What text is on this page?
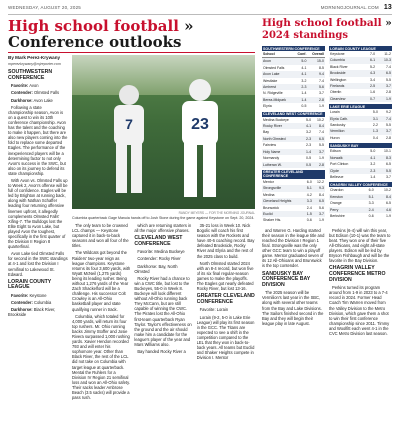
WEDNESDAY, AUGUST 20, 2025	MORNINGJOURNAL.COM 13
High school football » Conference outlooks

By Mark Perez-Krywany

mperezkrywany@mjreporter.com

SOUTHWESTERN CONFERENCE

Favorite: Avon

Contender: Olmsted Falls

Darkhorse: Avon Lake

Following a state championship season, Avon is on a quest to win its 10th conference championship. Avon has the talent and the coaching to make it happen, but there are also new players coming into the fold to replace some departed Eagles. The performance of the inexperienced players will be a determining factor to not only Avon's success in the SWC, but also on its journey to defend its state championship.

With Avon vs. Olmsted Falls up to Week 2, Avon's offense will be full of confidence. Eagles will be led by Brighton at running back, along with Nathan Schaffer leading four returning offensive linemen upfront, it allegedly complements Olmsted Falls' Xifing-7. The Bulldogs lost the Elite Eight to Avon Lake, but played Avon the toughest, specifically in the first quarter of the Division II Region 8 quarterfinal.

Avon Lake tied Olmsted Falls for second in the SWC standings at 4-1 and lost the Division I semifinal to Lakewood St. Edward.

LORAIN COUNTY LEAGUE

Favorite: Keystone

Contender: Columbia

Darkhorse: Black River, Brookside

7	23
RANDY MEYERS — FOR THE MORNING JOURNAL
Columbia quarterback Gage Manuia hands off to Josh Stone during the game against Keystone on Sept. 20, 2024.

The only team to be crowned LCL champs — Keystone captured it in back-to-back seasons and won all four of the titles.

The Wildcats got beyond the Raiders' two-year reign as league champions. Keystone returns its four 3,600 yards, with Wyatt McNeil (1,275 yards) being its leading rusher. Being without 1,276 yards of the Year Zach Shackelford will be a challenge. His successor Colt Crowley is an All-Ohio basketball player and state qualifying runner in track.

Columbia, which totaled for 4,000 yards, will return its four top rushers. Mr. Ohio running backs Jimmy Stoffer and Josie Rivera surpassed 1,000 rushing yards. Xavier Hendon recorded 793 and will enter his sophomore year. Other than Black River, the rest of the LCL did not take on Columbia with target league at quarterback. Mental the Ruhlers for a Division IV Region 21 semifinal loss and won an All-Ohio safety. Their sacks leader Ambrose Beach (3.5 sacks) will provide a pass rush.

which are returning starters in all the major offensive phases.

CLEVELAND WEST CONFERENCE

Favorite: Medina Buckeye

Contender: Rocky River

Darkhorse: Bay, North Olmsted

Rocky River had a chance to win a CWC title, but lost to the Buckeyes, 55-0 in Week 8. Buckeye will look different without All-Ohio running back Trey McCann, but are still capable of winning the CWC. The Pirates lost the All-Ohio first-team quarterback Ryan Taylor. Taylor's effectiveness on the ground and the air should make him a candidate for the league's player of the year and Mars Williams also.

Bay handed Rocky River a

35-21 loss in Week 10. Nick Bogolic will coach his first season with the Rockets and have 40-6 coaching record. Bay defeated Brookside, Rocky River and Elyria and the rest of the 2025 class to build.

North Olmsted started 2024 with an 8-4 record, but won five of its six final regular-season games to make the playoffs. The Eagles got nearly defeated Rocky River, but lost 13-16.

GREATER CLEVELAND CONFERENCE

Favorite: Lorain

Lorain (9-2, 5-0 in Lake Erie League) will play its first season in the GCC. The Titans are expected to see a shift in the competition compared to the LEL that they won in back-to-back years. All teams but Euclid and Shaker Heights compete in Division I. Mentor

High school football »
2024 standings
SOUTHWESTERN CONFERENCE
School	Conf.	Overall
Avon	5-0	15-0
Olmsted Falls	4-1	8-5
Avon Lake	4-1	9-4
Westlake	3-2	7-4
Amherst	2-3	5-6
N. Ridgeville	1-4	3-7
Berea-Midpark	1-4	2-8
Elyria	0-5	1-9
CLEVELAND WEST CONFERENCE
Medina Buckeye	5-0	10-2
Rocky River	4-1	8-4
Bay	3-2	7-4
North Olmsted	2-3	6-5
Fairview	2-3	5-5
Holy Name	1-4	3-7
Normandy	0-5	1-9
Lutheran W.	0-5	2-8
GREATER CLEVELAND CONFERENCE
Mentor	6-0	12-2
Strongsville	5-1	9-3
Medina	4-2	8-4
Cleveland Heights	3-3	6-5
Brunswick	2-4	5-6
Euclid	1-5	3-7
Shaker Hts.	0-6	1-9
LORAIN COUNTY LEAGUE
Keystone	7-0	11-2
Columbia	6-1	10-3
Black River	5-2	7-4
Brookside	4-3	6-5
Wellington	3-4	5-5
Firelands	2-5	3-7
Oberlin	1-6	2-8
Clearview	0-7	1-9
LAKE ERIE LEAGUE
Lorain	5-0	9-2
Elyria Cath.	3-1	7-4
Sandusky	2-2	5-5
Vermilion	1-3	3-7
Huron	0-4	2-8
SANDUSKY BAY
Edison	5-0	10-1
Norwalk	4-1	8-3
Port Clinton	3-2	6-5
Clyde	2-3	5-5
Bellevue	1-4	3-7
CHAGRIN VALLEY CONFERENCE
Chardon	6-0	10-2
Kenston	5-1	8-4
Orange	3-3	6-5
Perry	2-4	4-6
Berkshire	0-6	1-9

and Warren G. Harding started their season in the league title and reached the Division I Region 1 final. Strongsville was the only other GCC team to win a playoff game. Mentor graduated seven of its 12 All-Ohioans and Brunswick is the top contender.

SANDUSKY BAY CONFERENCE BAY DIVISION

The 2025 season will be Vermilion's last year in the SBC, along with several other teams from the Bay and Lake Divisions. The Sailors finished second in the Bay and they will begin their league play in late August.

Perkins (6-4) will win this year, but Edison (10-1) was the team to beat. They won one of their five All-Ohioans, and eight all-state players. Edison will be led by Bryson Fishbaugh and will be the favorite in the Bay Division.

CHAGRIN VALLEY CONFERENCE METRO DIVISION

Perkins turned its program around from 1-9 in 2023 to a 7-4 record in 2024. Former Head Coach Tim Warren moved from the Valley Division to the Metro Division, which gave them a shot to win their first conference championship since 2011. Timmy and Woolfitt each went 4-1 in the CVC Metro Division last season.
